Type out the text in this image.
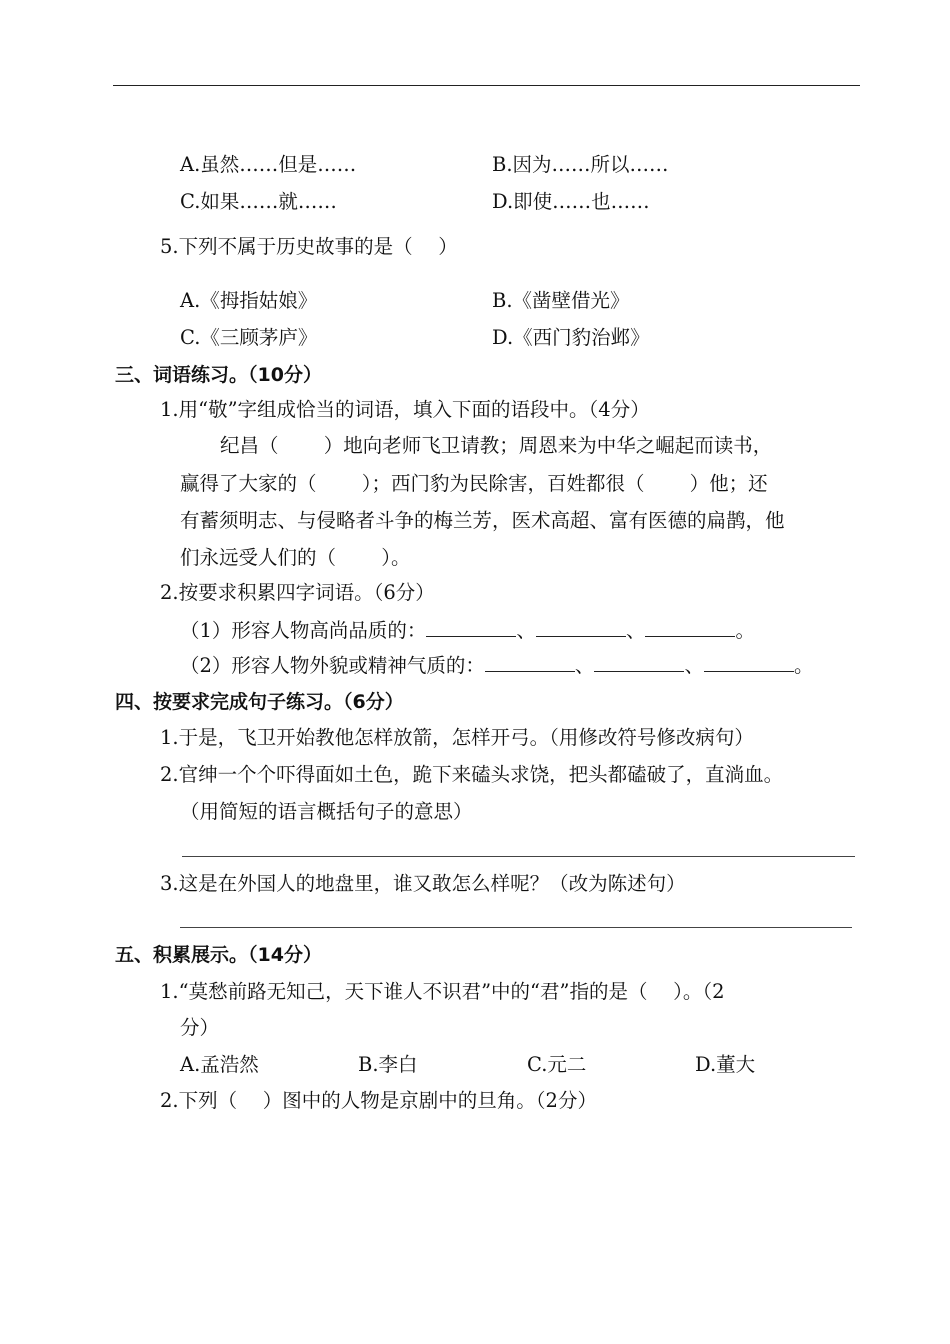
A.虽然……但是……	B.因为……所以……
C.如果……就……	D.即使……也……
5.下列不属于历史故事的是（　 ）
A.《拇指姑娘》	B.《凿壁借光》
C.《三顾茅庐》	D.《西门豹治邺》
三、词语练习。（10分）
1.用“敬”字组成恰当的词语，填入下面的语段中。（4分）
纪昌（　　 ）地向老师飞卫请教；周恩来为中华之崛起而读书，
赢得了大家的（　　 ）；西门豹为民除害，百姓都很（　　 ）他；还
有蓄须明志、与侵略者斗争的梅兰芳，医术高超、富有医德的扁鹊，他
们永远受人们的（　　 ）。
2.按要求积累四字词语。（6分）
（1）形容人物高尚品质的：	、	、	。
（2）形容人物外貌或精神气质的：	、	、	。
四、按要求完成句子练习。（6分）
1.于是，飞卫开始教他怎样放箭，怎样开弓。（用修改符号修改病句）
2.官绅一个个吓得面如土色，跪下来磕头求饶，把头都磕破了，直淌血。
（用简短的语言概括句子的意思）
3.这是在外国人的地盘里，谁又敢怎么样呢？（改为陈述句）
五、积累展示。（14分）
1.“莫愁前路无知己，天下谁人不识君”中的“君”指的是（　 ）。（2
分）
A.孟浩然	B.李白	C.元二	D.董大
2.下列（　 ）图中的人物是京剧中的旦角。（2分）
